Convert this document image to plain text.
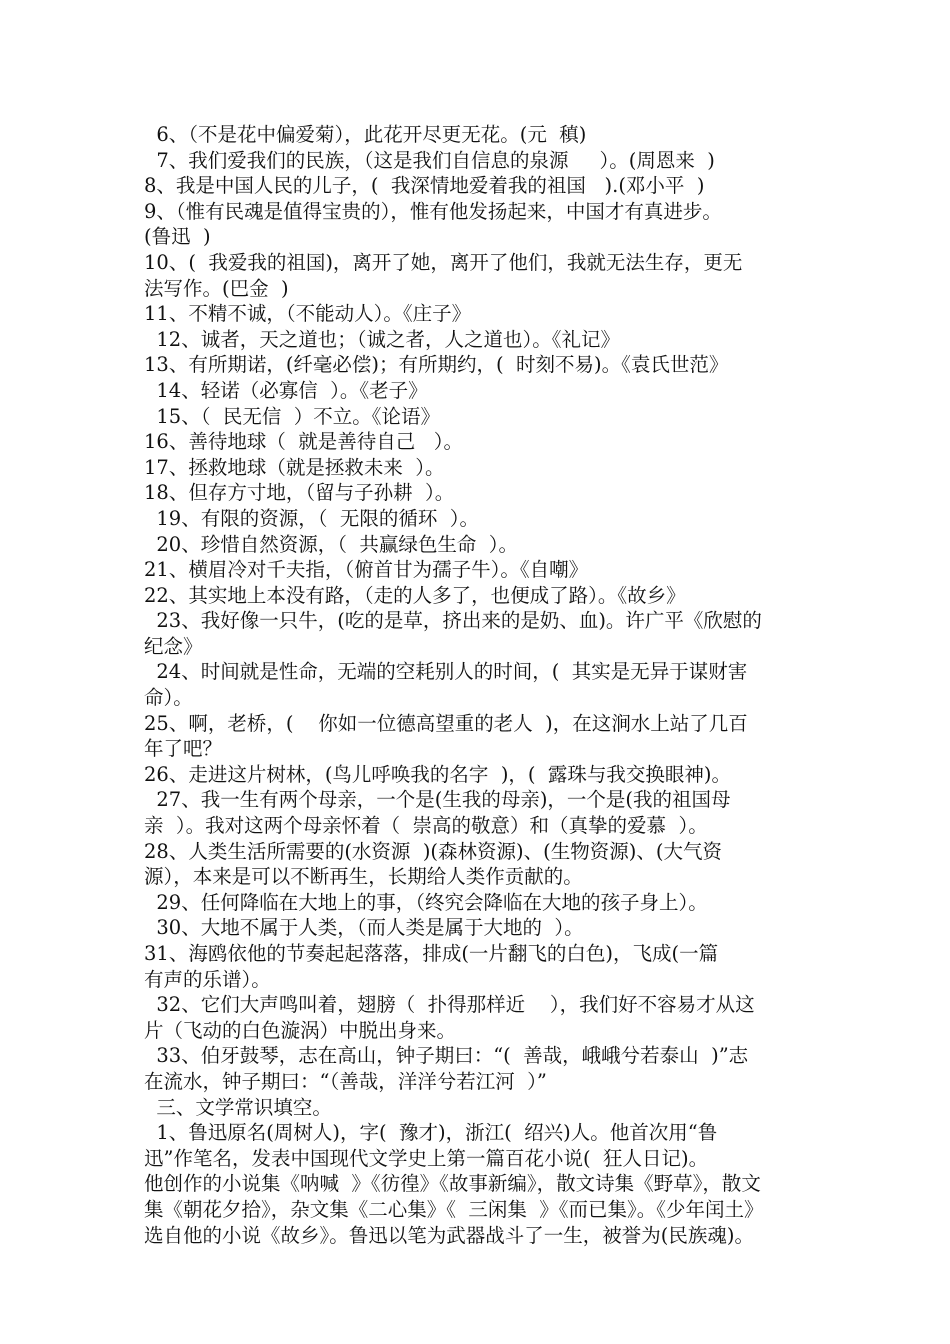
6、（不是花中偏爱菊），此花开尽更无花。(元  稹)

7、我们爱我们的民族，（这是我们自信息的泉源     ）。(周恩来  )

8、我是中国人民的儿子，(  我深情地爱着我的祖国   ).(邓小平  )

9、（惟有民魂是值得宝贵的），惟有他发扬起来，中国才有真进步。

(鲁迅  )

10、(  我爱我的祖国)，离开了她，离开了他们，我就无法生存，更无

法写作。(巴金  )

11、不精不诚，（不能动人）。《庄子》

12、诚者，天之道也；（诚之者，人之道也）。《礼记》

13、有所期诺，(纤毫必偿)；有所期约，(  时刻不易)。《袁氏世范》

14、轻诺（必寡信  ）。《老子》

15、（  民无信  ）不立。《论语》

16、善待地球（  就是善待自己   ）。

17、拯救地球（就是拯救未来  ）。

18、但存方寸地，（留与子孙耕  ）。

19、有限的资源，（  无限的循环  ）。

20、珍惜自然资源，（  共赢绿色生命  ）。

21、横眉冷对千夫指，（俯首甘为孺子牛）。《自嘲》

22、其实地上本没有路，（走的人多了，也便成了路）。《故乡》

23、我好像一只牛，(吃的是草，挤出来的是奶、血)。许广平《欣慰的

纪念》

24、时间就是性命，无端的空耗别人的时间，(  其实是无异于谋财害

命）。

25、啊，老桥，(    你如一位德高望重的老人  )，在这涧水上站了几百

年了吧？

26、走进这片树林，(鸟儿呼唤我的名字  )，(  露珠与我交换眼神)。

27、我一生有两个母亲，一个是(生我的母亲)，一个是(我的祖国母

亲  ）。我对这两个母亲怀着（  崇高的敬意）和（真挚的爱慕  ）。

28、人类生活所需要的(水资源  )(森林资源)、(生物资源)、(大气资

源），本来是可以不断再生，长期给人类作贡献的。

29、任何降临在大地上的事，（终究会降临在大地的孩子身上）。

30、大地不属于人类，（而人类是属于大地的  ）。

31、海鸥依他的节奏起起落落，排成(一片翻飞的白色)，飞成(一篇

有声的乐谱）。

32、它们大声鸣叫着，翅膀（  扑得那样近    ），我们好不容易才从这

片（飞动的白色漩涡）中脱出身来。

33、伯牙鼓琴，志在高山，钟子期曰：“(  善哉，峨峨兮若泰山  )”志

在流水，钟子期曰：“（善哉，洋洋兮若江河  ）”

三、文学常识填空。

1、鲁迅原名(周树人)，字(  豫才)，浙江(  绍兴)人。他首次用“鲁

迅”作笔名，发表中国现代文学史上第一篇百花小说(  狂人日记)。

他创作的小说集《呐喊  》《彷徨》《故事新编》，散文诗集《野草》，散文

集《朝花夕拾》，杂文集《二心集》《  三闲集  》《而已集》。《少年闰土》

选自他的小说《故乡》。鲁迅以笔为武器战斗了一生，被誉为(民族魂)。
